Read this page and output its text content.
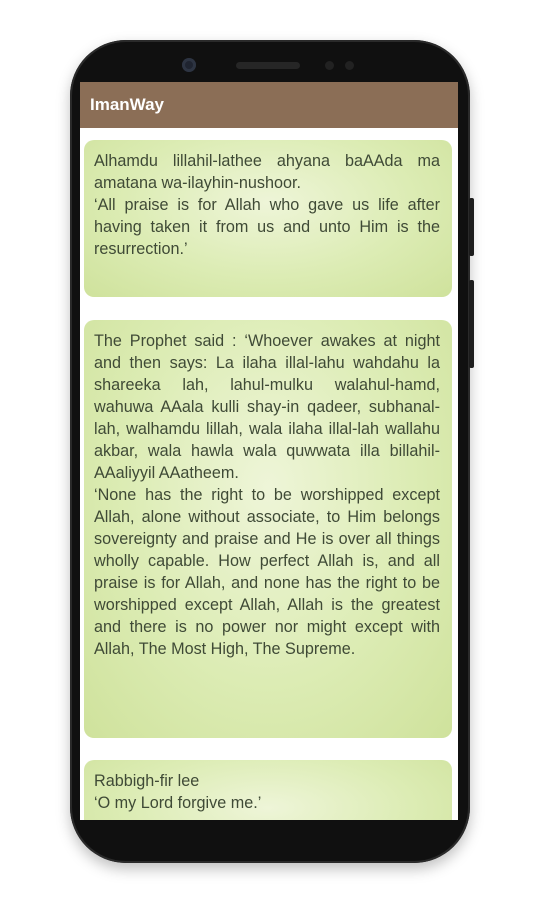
ImanWay

Alhamdu lillahil-lathee ahyana baAAda ma amatana wa-ilayhin-nushoor.

‘All praise is for Allah who gave us life after having taken it from us and unto Him is the resurrection.’

The Prophet said : ‘Whoever awakes at night and then says: La ilaha illal-lahu wahdahu la shareeka lah, lahul-mulku walahul-hamd, wahuwa AAala kulli shay-in qadeer, subhanal-lah, walhamdu lillah, wala ilaha illal-lah wallahu akbar, wala hawla wala quwwata illa billahil-AAaliyyil AAatheem.

‘None has the right to be worshipped except Allah, alone without associate, to Him belongs sovereignty and praise and He is over all things wholly capable. How perfect Allah is, and all praise is for Allah, and none has the right to be worshipped except Allah, Allah is the greatest and there is no power nor might except with Allah, The Most High, The Supreme.

Rabbigh-fir lee

‘O my Lord forgive me.’
